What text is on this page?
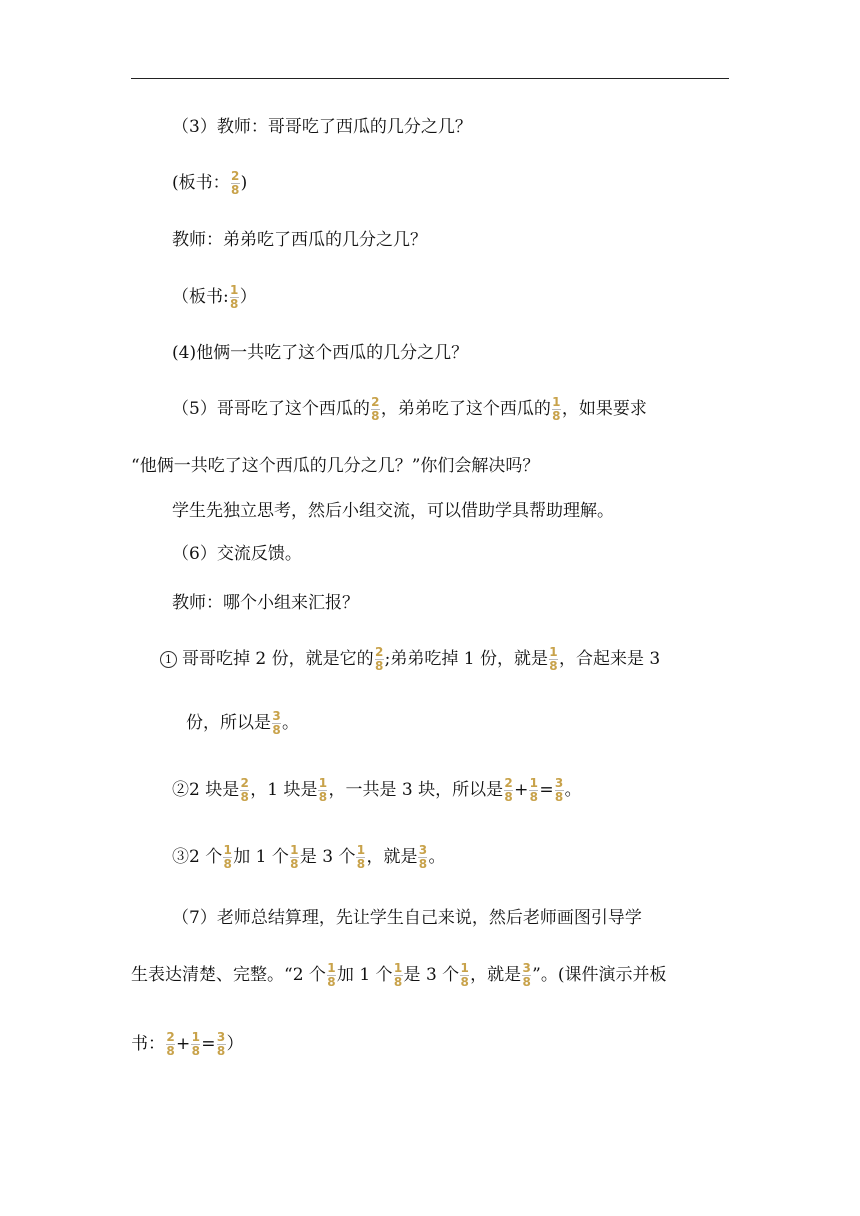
（3）教师：哥哥吃了西瓜的几分之几？
(板书： $\frac{2}{8}$ )
教师：弟弟吃了西瓜的几分之几？
（板书: $\frac{1}{8}$ ）
(4)他俩一共吃了这个西瓜的几分之几？
（5）哥哥吃了这个西瓜的 $\frac{2}{8}$ ，弟弟吃了这个西瓜的 $\frac{1}{8}$ ，如果要求
“他俩一共吃了这个西瓜的几分之几？”你们会解决吗？
学生先独立思考，然后小组交流，可以借助学具帮助理解。
（6）交流反馈。
教师：哪个小组来汇报？
1 哥哥吃掉 2 份，就是它的 $\frac{2}{8}$ ;弟弟吃掉 1 份，就是 $\frac{1}{8}$ ，合起来是 3
份，所以是 $\frac{3}{8}$ 。
②2 块是 $\frac{2}{8}$ ，1 块是 $\frac{1}{8}$ ，一共是 3 块，所以是 $\frac{2}{8} + \frac{1}{8} = \frac{3}{8}$ 。
③2 个 $\frac{1}{8}$ 加 1 个 $\frac{1}{8}$ 是 3 个 $\frac{1}{8}$ ，就是 $\frac{3}{8}$ 。
（7）老师总结算理，先让学生自己来说，然后老师画图引导学
生表达清楚、完整。“2 个 $\frac{1}{8}$ 加 1 个 $\frac{1}{8}$ 是 3 个 $\frac{1}{8}$ ，就是 $\frac{3}{8}$ ”。(课件演示并板
书： $\frac{2}{8} + \frac{1}{8} = \frac{3}{8}$ ）
